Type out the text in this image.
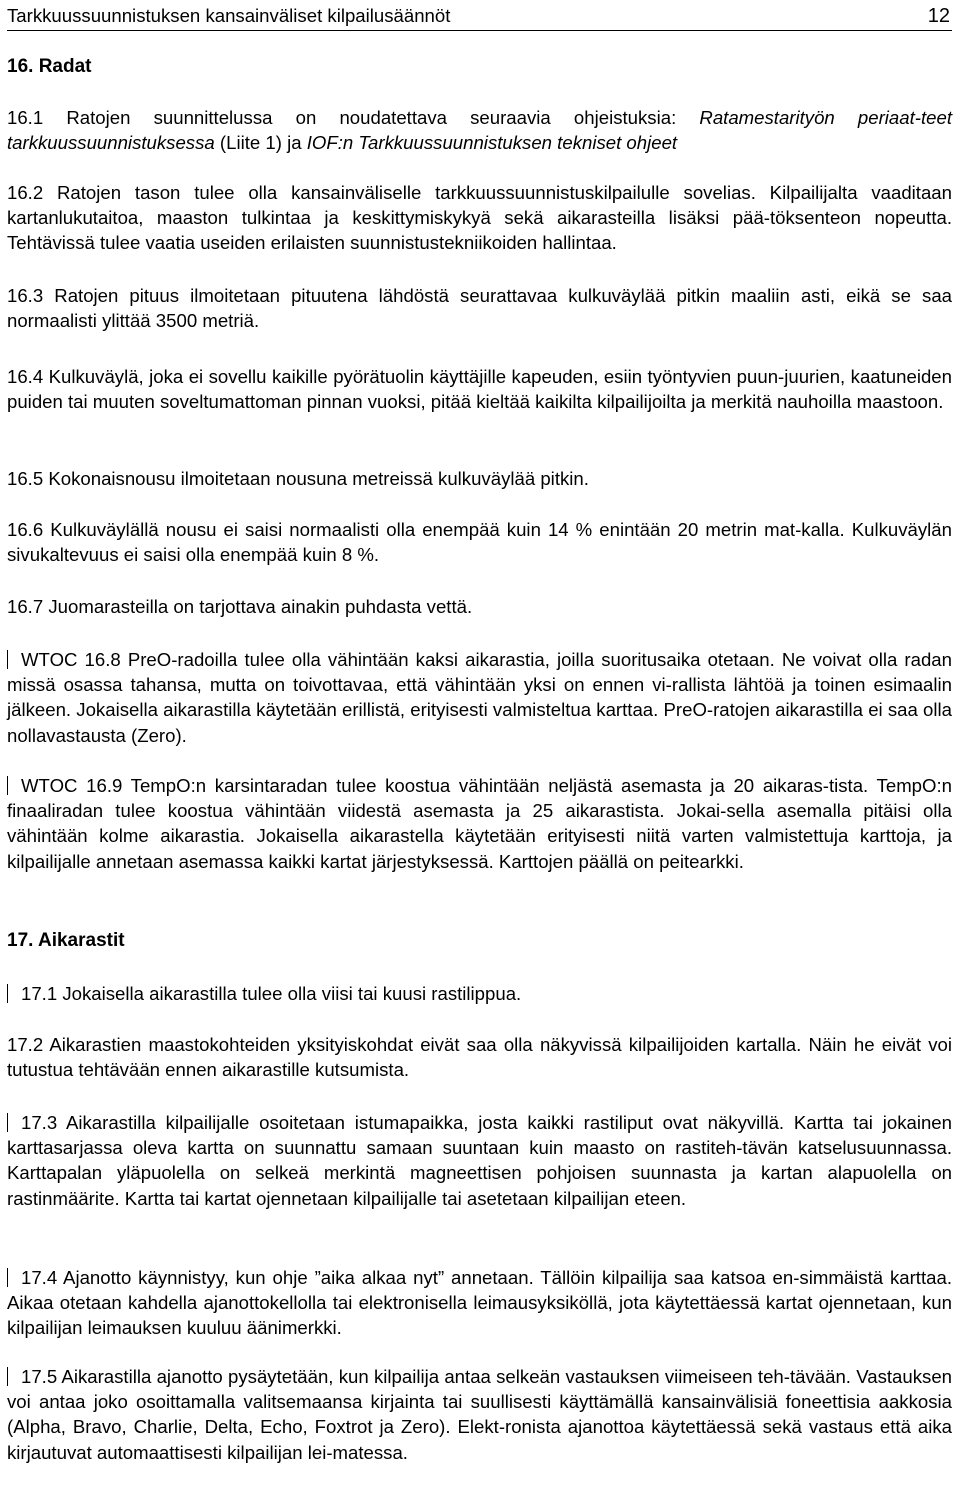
Tarkkuussuunnistuksen kansainväliset kilpailusäännöt	12
16. Radat

16.1 Ratojen suunnittelussa on noudatettava seuraavia ohjeistuksia: Ratamestarityön periaat-teet tarkkuussuunnistuksessa (Liite 1) ja IOF:n Tarkkuussuunnistuksen tekniset ohjeet

16.2 Ratojen tason tulee olla kansainväliselle tarkkuussuunnistuskilpailulle sovelias. Kilpailijalta vaaditaan kartanlukutaitoa, maaston tulkintaa ja keskittymiskykyä sekä aikarasteilla lisäksi pää-töksenteon nopeutta. Tehtävissä tulee vaatia useiden erilaisten suunnistustekniikoiden hallintaa.

16.3 Ratojen pituus ilmoitetaan pituutena lähdöstä seurattavaa kulkuväylää pitkin maaliin asti, eikä se saa normaalisti ylittää 3500 metriä.

16.4 Kulkuväylä, joka ei sovellu kaikille pyörätuolin käyttäjille kapeuden, esiin työntyvien puun-juurien, kaatuneiden puiden tai muuten soveltumattoman pinnan vuoksi, pitää kieltää kaikilta kilpailijoilta ja merkitä nauhoilla maastoon.

16.5 Kokonaisnousu ilmoitetaan nousuna metreissä kulkuväylää pitkin.

16.6 Kulkuväylällä nousu ei saisi normaalisti olla enempää kuin 14 % enintään 20 metrin mat-kalla. Kulkuväylän sivukaltevuus ei saisi olla enempää kuin 8 %.

16.7 Juomarasteilla on tarjottava ainakin puhdasta vettä.

WTOC 16.8 PreO-radoilla tulee olla vähintään kaksi aikarastia, joilla suoritusaika otetaan. Ne voivat olla radan missä osassa tahansa, mutta on toivottavaa, että vähintään yksi on ennen vi-rallista lähtöä ja toinen esimaalin jälkeen. Jokaisella aikarastilla käytetään erillistä, erityisesti valmisteltua karttaa. PreO-ratojen aikarastilla ei saa olla nollavastausta (Zero).

WTOC 16.9 TempO:n karsintaradan tulee koostua vähintään neljästä asemasta ja 20 aikaras-tista. TempO:n finaaliradan tulee koostua vähintään viidestä asemasta ja 25 aikarastista. Jokai-sella asemalla pitäisi olla vähintään kolme aikarastia. Jokaisella aikarastella käytetään erityisesti niitä varten valmistettuja karttoja, ja kilpailijalle annetaan asemassa kaikki kartat järjestyksessä. Karttojen päällä on peitearkki.

17. Aikarastit

17.1 Jokaisella aikarastilla tulee olla viisi tai kuusi rastilippua.

17.2 Aikarastien maastokohteiden yksityiskohdat eivät saa olla näkyvissä kilpailijoiden kartalla. Näin he eivät voi tutustua tehtävään ennen aikarastille kutsumista.

17.3 Aikarastilla kilpailijalle osoitetaan istumapaikka, josta kaikki rastiliput ovat näkyvillä. Kartta tai jokainen karttasarjassa oleva kartta on suunnattu samaan suuntaan kuin maasto on rastiteh-tävän katselusuunnassa. Karttapalan yläpuolella on selkeä merkintä magneettisen pohjoisen suunnasta ja kartan alapuolella on rastinmäärite. Kartta tai kartat ojennetaan kilpailijalle tai asetetaan kilpailijan eteen.

17.4 Ajanotto käynnistyy, kun ohje ”aika alkaa nyt” annetaan. Tällöin kilpailija saa katsoa en-simmäistä karttaa. Aikaa otetaan kahdella ajanottokellolla tai elektronisella leimausyksiköllä, jota käytettäessä kartat ojennetaan, kun kilpailijan leimauksen kuuluu äänimerkki.

17.5 Aikarastilla ajanotto pysäytetään, kun kilpailija antaa selkeän vastauksen viimeiseen teh-tävään. Vastauksen voi antaa joko osoittamalla valitsemaansa kirjainta tai suullisesti käyttämällä kansainvälisiä foneettisia aakkosia (Alpha, Bravo, Charlie, Delta, Echo, Foxtrot ja Zero). Elekt-ronista ajanottoa käytettäessä sekä vastaus että aika kirjautuvat automaattisesti kilpailijan lei-matessa.
